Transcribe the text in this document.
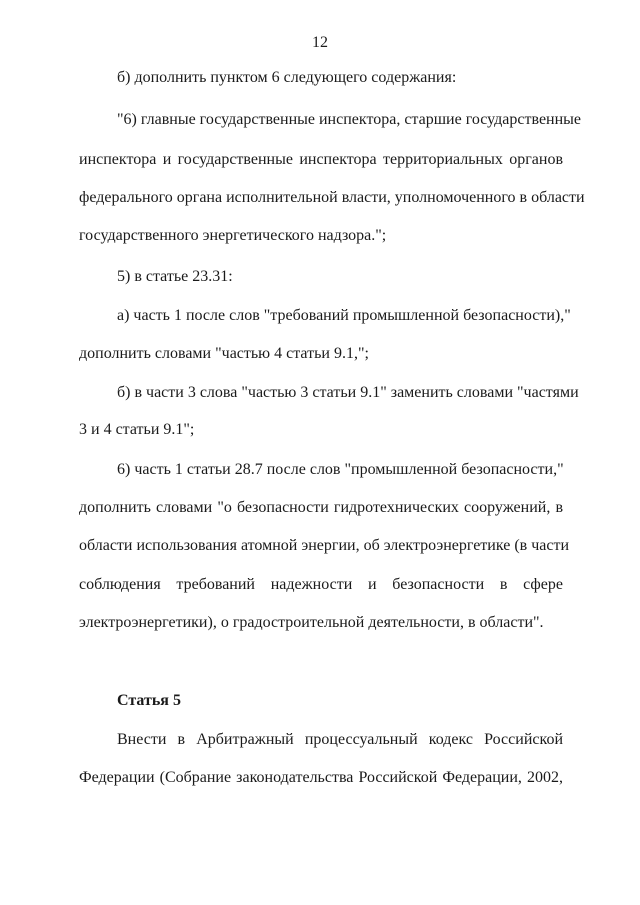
12
б) дополнить пунктом 6 следующего содержания:
"6) главные государственные инспектора, старшие государственные
инспектора и государственные инспектора территориальных органов
федерального органа исполнительной власти, уполномоченного в области
государственного энергетического надзора.";
5) в статье 23.31:
а) часть 1 после слов "требований промышленной безопасности),"
дополнить словами "частью 4 статьи 9.1,";
б) в части 3 слова "частью 3 статьи 9.1" заменить словами "частями
3 и 4 статьи 9.1";
6) часть 1 статьи 28.7 после слов "промышленной безопасности,"
дополнить словами "о безопасности гидротехнических сооружений, в
области использования атомной энергии, об электроэнергетике (в части
соблюдения требований надежности и безопасности в сфере
электроэнергетики), о градостроительной деятельности, в области".
Статья 5
Внести в Арбитражный процессуальный кодекс Российской
Федерации (Собрание законодательства Российской Федерации, 2002,
